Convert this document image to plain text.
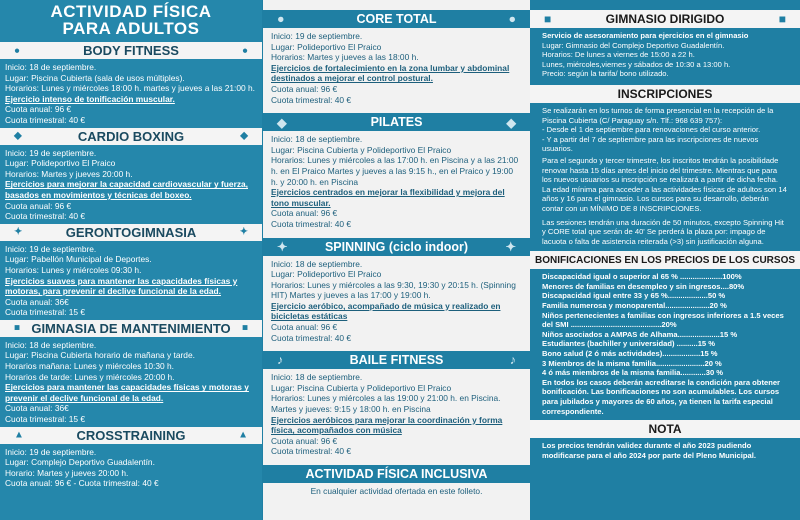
ACTIVIDAD FÍSICA
PARA ADULTOS
●	BODY FITNESS	●
Inicio: 18 de septiembre.
Lugar: Piscina Cubierta (sala de usos múltiples).
Horarios: Lunes y miércoles 18:00 h. martes y jueves a las 21:00 h.
Ejercicio intenso de tonificación muscular.
Cuota anual: 96 €
Cuota trimestral: 40 €
◆	CARDIO BOXING	◆
Inicio: 19 de septiembre.
Lugar: Polideportivo El Praico
Horarios: Martes y jueves 20:00 h.
Ejercicios para mejorar la capacidad cardiovascular y fuerza, basados en movimientos y técnicas del boxeo.
Cuota anual: 96 €
Cuota trimestral: 40 €
✦	GERONTOGIMNASIA	✦
Inicio: 19 de septiembre.
Lugar: Pabellón Municipal de Deportes.
Horarios: Lunes y miércoles 09:30 h.
Ejercicios suaves para mantener las capacidades físicas y motoras, para prevenir el declive funcional de la edad.
Cuota anual: 36€
Cuota trimestral: 15 €
■ GIMNASIA DE MANTENIMIENTO ■
Inicio: 18 de septiembre.
Lugar: Piscina Cubierta horario de mañana y tarde.
Horarios mañana: Lunes y miércoles 10:30 h.
Horarios de tarde: Lunes y miércoles 20:00 h.
Ejercicios para mantener las capacidades físicas y motoras y prevenir el declive funcional de la edad.
Cuota anual: 36€
Cuota trimestral: 15 €
▲	CROSSTRAINING	▲
Inicio: 19 de septiembre.
Lugar: Complejo Deportivo Guadalentín.
Horario: Martes y jueves 20:00 h.
Cuota anual: 96 € - Cuota trimestral: 40 €
●	CORE TOTAL	●
Inicio: 19 de septiembre.
Lugar: Polideportivo El Praico
Horarios: Martes y jueves a las 18:00 h.
Ejercicios de fortalecimiento en la zona lumbar y abdominal destinados a mejorar el control postural.
Cuota anual: 96 €
Cuota trimestral: 40 €
◆	PILATES	◆
Inicio: 18 de septiembre.
Lugar: Piscina Cubierta y Polideportivo El Praico
Horarios: Lunes y miércoles a las 17:00 h. en Piscina y a las 21:00 h. en El Praico Martes y jueves a las 9:15 h., en el Praico y 19:00 h. y 20:00 h. en Piscina
Ejercicios centrados en mejorar la flexibilidad y mejora del tono muscular.
Cuota anual: 96 €
Cuota trimestral: 40 €
✦	SPINNING (ciclo indoor)	✦
Inicio: 18 de septiembre.
Lugar: Polideportivo El Praico
Horarios: Lunes y miércoles a las 9:30, 19:30 y 20:15 h. (Spinning HIT) Martes y jueves a las 17:00 y 19:00 h.
Ejercicio aeróbico, acompañado de música y realizado en bicicletas estáticas
Cuota anual: 96 €
Cuota trimestral: 40 €
♪	BAILE FITNESS	♪
Inicio: 18 de septiembre.
Lugar: Piscina Cubierta y Polideportivo El Praico
Horarios: Lunes y miércoles a las 19:00 y 21:00 h. en Piscina. Martes y jueves: 9:15 y 18:00 h. en Piscina
Ejercicios aeróbicos para mejorar la coordinación y forma física, acompañados con música
Cuota anual: 96 €
Cuota trimestral: 40 €
ACTIVIDAD FÍSICA INCLUSIVA
En cualquier actividad ofertada en este folleto.
■	GIMNASIO DIRIGIDO	■
Servicio de asesoramiento para ejercicios en el gimnasio
Lugar: Gimnasio del Complejo Deportivo Guadalentín.
Horarios: De lunes a viernes de 15:00 a 22 h.
Lunes, miércoles,viernes y sábados de 10:30 a 13:00 h.
Precio: según la tarifa/ bono utilizado.
INSCRIPCIONES
Se realizarán en los turnos de forma presencial en la recepción de la Piscina Cubierta (C/ Paraguay s/n. Tlf.: 968 639 757):
- Desde el 1 de septiembre para renovaciones del curso anterior.
- Y a partir del 7 de septiembre para las inscripciones de nuevos usuarios.
Para el segundo y tercer trimestre, los inscritos tendrán la posibilidade renovar hasta 15 días antes del inicio del trimestre. Mientras que para los nuevos usuarios su inscripción se realizará a partir de dicha fecha. La edad mínima para acceder a las actividades físicas de adultos son 14 años y 16 para el gimnasio. Los cursos para su desarrollo, deberán contar con un MÍNIMO DE 8 INSCRIPCIONES.
Las sesiones tendrán una duración de 50 minutos, excepto Spinning Hit y CORE total que serán de 40' Se perderá la plaza por: impago de lacuota o falta de asistencia reiterada (>3) sin justificación alguna.
BONIFICACIONES EN LOS PRECIOS DE LOS CURSOS
Discapacidad igual o superior al 65 % ....................100%
Menores de familias en desempleo y sin ingresos....80%
Discapacidad igual entre 33 y 65 %...................50 %
Familia numerosa y monoparental.....................20 %
Niños pertenecientes a familias con ingresos inferiores a 1.5 veces del SMI ...........................................20%
Niños asociados a AMPAS de Alhama....................15 %
Estudiantes (bachiller y universidad) ..........15 %
Bono salud (2 ó más actividades)..................15 %
3 Miembros de la misma familia.......................20 %
4 ó más miembros de la misma familia............30 %
En todos los casos deberán acreditarse la condición para obtener bonificación. Las bonificaciones no son acumulables. Los cursos para jubilados y mayores de 60 años, ya tienen la tarifa especial correspondiente.
NOTA
Los precios tendrán validez durante el año 2023 pudiendo modificarse para el año 2024 por parte del Pleno Municipal.
